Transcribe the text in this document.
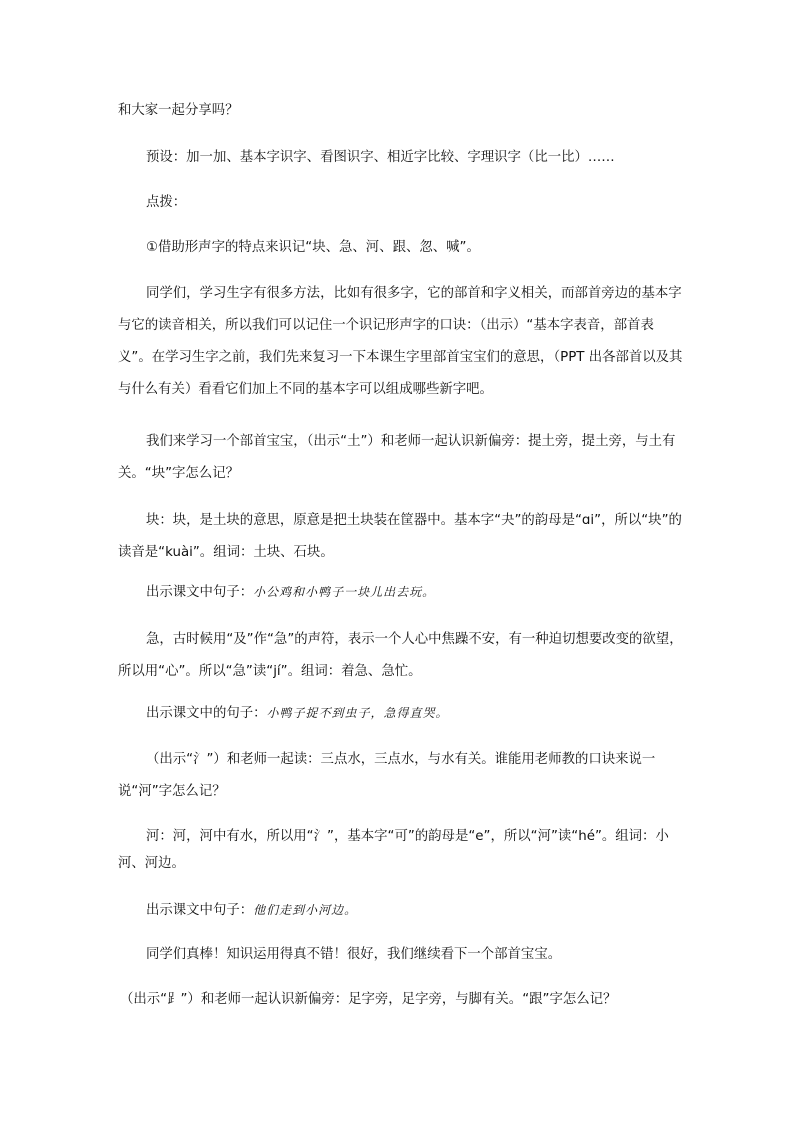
和大家一起分享吗？

预设：加一加、基本字识字、看图识字、相近字比较、字理识字（比一比）……

点拨：

①借助形声字的特点来识记“块、急、河、跟、忽、喊”。

同学们，学习生字有很多方法，比如有很多字，它的部首和字义相关，而部首旁边的基本字与它的读音相关，所以我们可以记住一个识记形声字的口诀：（出示）“基本字表音，部首表义”。在学习生字之前，我们先来复习一下本课生字里部首宝宝们的意思，（PPT 出各部首以及其与什么有关）看看它们加上不同的基本字可以组成哪些新字吧。

我们来学习一个部首宝宝，（出示“土”）和老师一起认识新偏旁：提土旁，提土旁，与土有关。“块”字怎么记？

块：块，是土块的意思，原意是把土块装在筐器中。基本字“夬”的韵母是“ɑi”，所以“块”的读音是“kuài”。组词：土块、石块。

出示课文中句子：小公鸡和小鸭子一块儿出去玩。

急，古时候用“及”作“急”的声符，表示一个人心中焦躁不安，有一种迫切想要改变的欲望，所以用“心”。所以“急”读“jí”。组词：着急、急忙。

出示课文中的句子：小鸭子捉不到虫子，急得直哭。

（出示“氵”）和老师一起读：三点水，三点水，与水有关。谁能用老师教的口诀来说一说“河”字怎么记？

河：河，河中有水，所以用“氵”，基本字“可”的韵母是“e”，所以“河”读“hé”。组词：小河、河边。

出示课文中句子：他们走到小河边。

同学们真棒！知识运用得真不错！很好，我们继续看下一个部首宝宝。

（出示“⻊”）和老师一起认识新偏旁：足字旁，足字旁，与脚有关。“跟”字怎么记？
